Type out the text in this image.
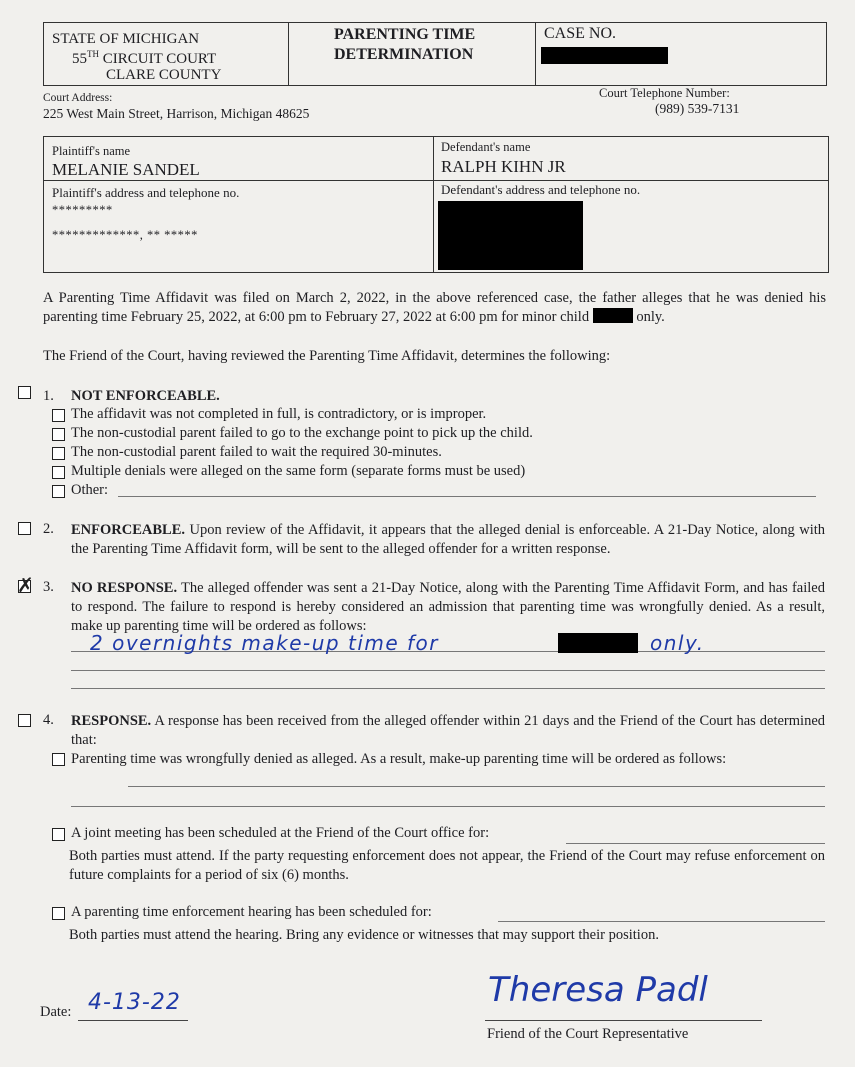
STATE OF MICHIGAN
55TH CIRCUIT COURT
CLARE COUNTY
PARENTING TIME
DETERMINATION
CASE NO.
Court Address:
225 West Main Street, Harrison, Michigan 48625
Court Telephone Number:
(989) 539-7131
Plaintiff's name
MELANIE SANDEL
Defendant's name
RALPH KIHN JR
Plaintiff's address and telephone no.
*********
*************, ** *****
Defendant's address and telephone no.
A Parenting Time Affidavit was filed on March 2, 2022, in the above referenced case, the father alleges that he was denied his parenting time February 25, 2022, at 6:00 pm to February 27, 2022 at 6:00 pm for minor child	only.
The Friend of the Court, having reviewed the Parenting Time Affidavit, determines the following:
1. NOT ENFORCEABLE.
The affidavit was not completed in full, is contradictory, or is improper.
The non-custodial parent failed to go to the exchange point to pick up the child.
The non-custodial parent failed to wait the required 30-minutes.
Multiple denials were alleged on the same form (separate forms must be used)
Other:
2. ENFORCEABLE. Upon review of the Affidavit, it appears that the alleged denial is enforceable. A 21-Day Notice, along with the Parenting Time Affidavit form, will be sent to the alleged offender for a written response.
✗ 3. NO RESPONSE. The alleged offender was sent a 21-Day Notice, along with the Parenting Time Affidavit Form, and has failed to respond. The failure to respond is hereby considered an admission that parenting time was wrongfully denied. As a result, make up parenting time will be ordered as follows:
2 overnights make-up time for	only.
4. RESPONSE. A response has been received from the alleged offender within 21 days and the Friend of the Court has determined that:
Parenting time was wrongfully denied as alleged. As a result, make-up parenting time will be ordered as follows:
A joint meeting has been scheduled at the Friend of the Court office for:
Both parties must attend. If the party requesting enforcement does not appear, the Friend of the Court may refuse enforcement on future complaints for a period of six (6) months.
A parenting time enforcement hearing has been scheduled for:
Both parties must attend the hearing. Bring any evidence or witnesses that may support their position.
Date: 4-13-22	Theresa Padl
Friend of the Court Representative
